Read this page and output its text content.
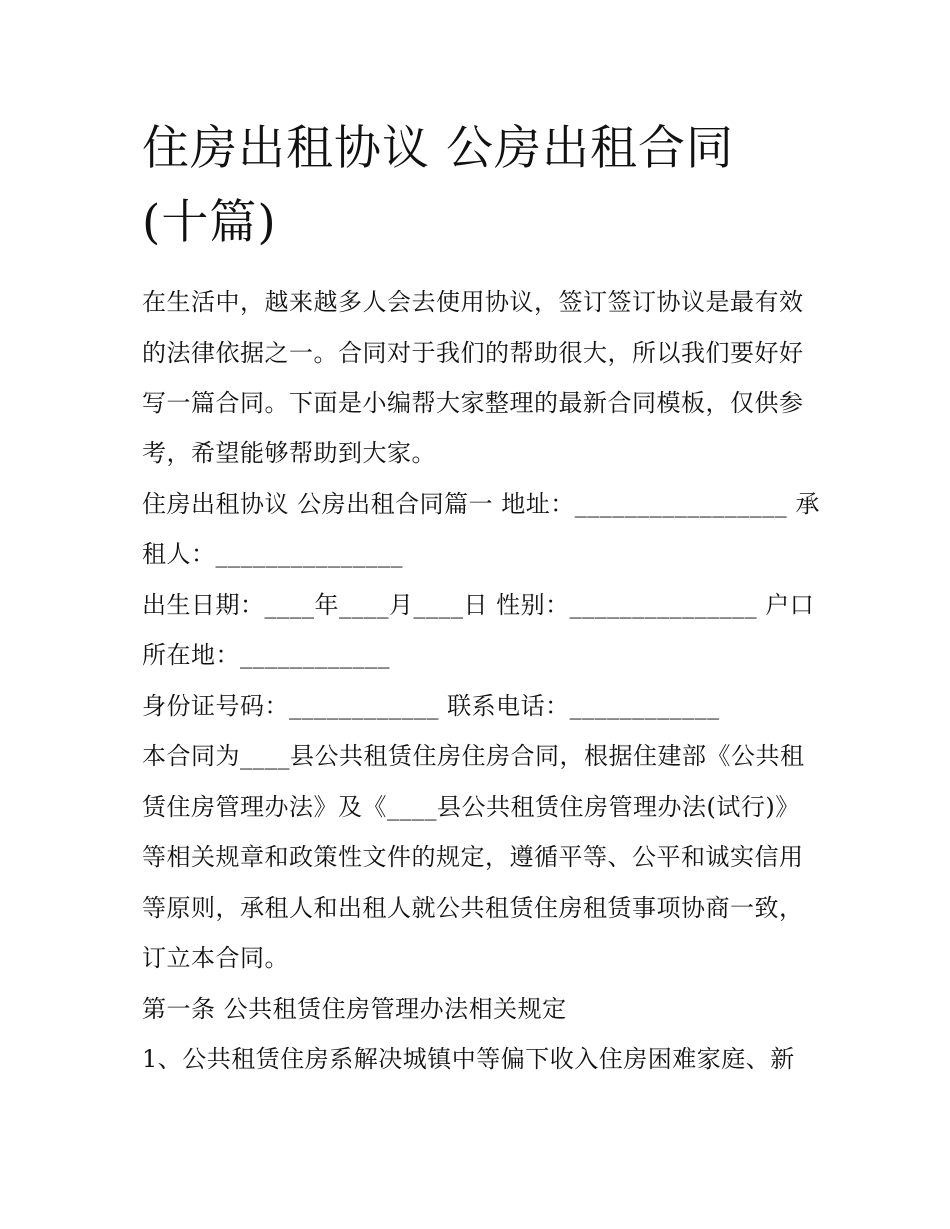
住房出租协议 公房出租合同
(十篇)
在生活中，越来越多人会去使用协议，签订签订协议是最有效
的法律依据之一。合同对于我们的帮助很大，所以我们要好好
写一篇合同。下面是小编帮大家整理的最新合同模板，仅供参
考，希望能够帮助到大家。
住房出租协议 公房出租合同篇一 地址：_________________ 承
租人：_______________
出生日期：____年____月____日 性别：_______________ 户口
所在地：____________
身份证号码：____________ 联系电话：____________
本合同为____县公共租赁住房住房合同，根据住建部《公共租
赁住房管理办法》及《____县公共租赁住房管理办法(试行)》
等相关规章和政策性文件的规定，遵循平等、公平和诚实信用
等原则，承租人和出租人就公共租赁住房租赁事项协商一致，
订立本合同。
第一条 公共租赁住房管理办法相关规定
1、公共租赁住房系解决城镇中等偏下收入住房困难家庭、新
